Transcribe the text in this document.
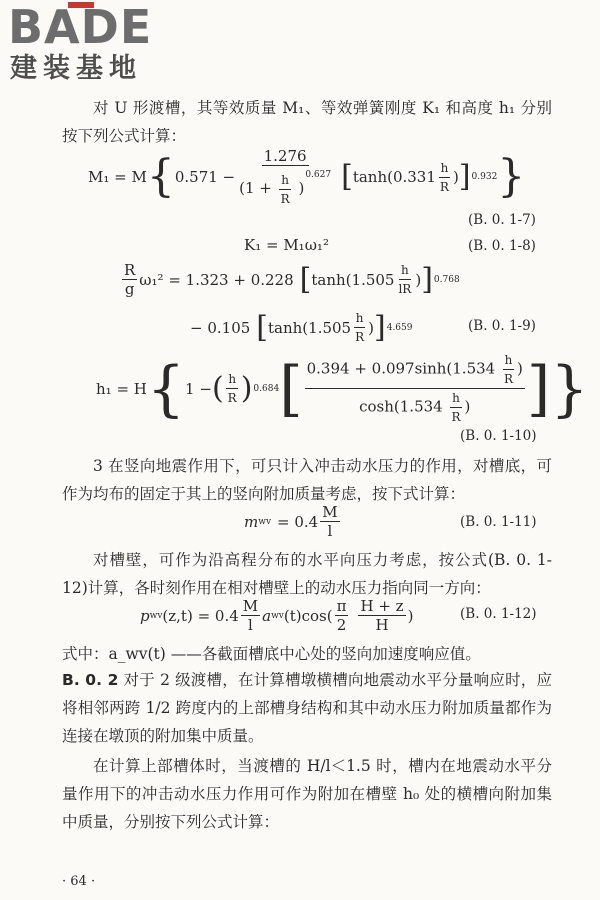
BADE
建装基地
对 U 形渡槽，其等效质量 M₁、等效弹簧刚度 K₁ 和高度 h₁ 分别按下列公式计算：
M₁ = M { $0.571 - \frac{1.276}{(1 + \frac{h}{R} )^{0.627}}$ [ $\tanh(0.331 \frac{h}{R}$ ) ] 0.932 }
(B. 0. 1-7)
K₁ = M₁ω₁²	(B. 0. 1-8)
$\frac{R}{g} \omega_1^2 = 1.323 + 0.228$ [ $\tanh(1.505 \frac{h}{lR}$ ) ] 0.768
− 0.105 [ $\tanh(1.505 \frac{h}{R}$ ) ] 4.659	(B. 0. 1-9)
h₁ = H { 1 − ( $\frac{h}{R}$ ) 0.684 [ $\frac{0.394 + 0.097\sinh(1.534 \frac{h}{R} )}{\cosh(1.534 \frac{h}{R} )}$ ] }
(B. 0. 1-10)
3 在竖向地震作用下，可只计入冲击动水压力的作用，对槽底，可作为均布的固定于其上的竖向附加质量考虑，按下式计算：
m wv = $0.4 \frac{M}{l}$	(B. 0. 1-11)
对槽壁，可作为沿高程分布的水平向压力考虑，按公式(B. 0. 1-12)计算，各时刻作用在相对槽壁上的动水压力指向同一方向：
p wv $(z,t) = 0.4 \frac{M}{l}$ a wv $(t)\cos( \frac{\pi}{2} \frac{H + z}{H}$ )	(B. 0. 1-12)
式中：a_wv(t) ——各截面槽底中心处的竖向加速度响应值。
B. 0. 2 对于 2 级渡槽，在计算槽墩横槽向地震动水平分量响应时，应将相邻两跨 1/2 跨度内的上部槽身结构和其中动水压力附加质量都作为连接在墩顶的附加集中质量。
在计算上部槽体时，当渡槽的 H/l＜1.5 时，槽内在地震动水平分量作用下的冲击动水压力作用可作为附加在槽壁 h₀ 处的横槽向附加集中质量，分别按下列公式计算：
· 64 ·
